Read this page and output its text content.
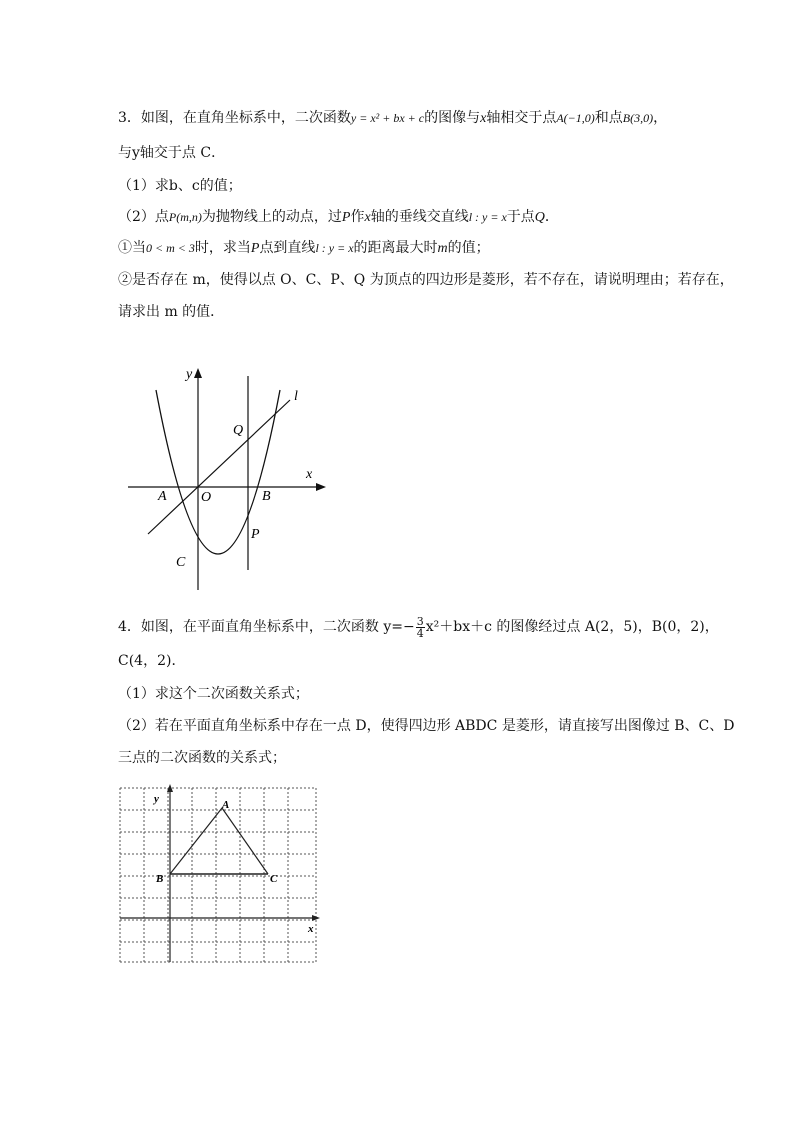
3．如图，在直角坐标系中，二次函数y = x² + bx + c的图像与x轴相交于点A(−1,0)和点B(3,0)，
与y轴交于点 C．
（1）求b、c的值；
（2）点P(m,n)为抛物线上的动点，过P作x轴的垂线交直线l : y = x于点Q．
①当0 < m < 3时，求当P点到直线l : y = x的距离最大时m的值；
②是否存在 m，使得以点 O、C、P、Q 为顶点的四边形是菱形，若不存在，请说明理由；若存在，
请求出 m 的值．
y
x
l
Q
A O	B
P
C
4．如图，在平面直角坐标系中，二次函数 $y=- \frac{3}{4} x^2+bx+c$ 的图像经过点 A(2，5)，B(0，2)，
C(4，2)．
（1）求这个二次函数关系式；
（2）若在平面直角坐标系中存在一点 D，使得四边形 ABDC 是菱形，请直接写出图像过 B、C、D
三点的二次函数的关系式；
y
x
A
B	C
